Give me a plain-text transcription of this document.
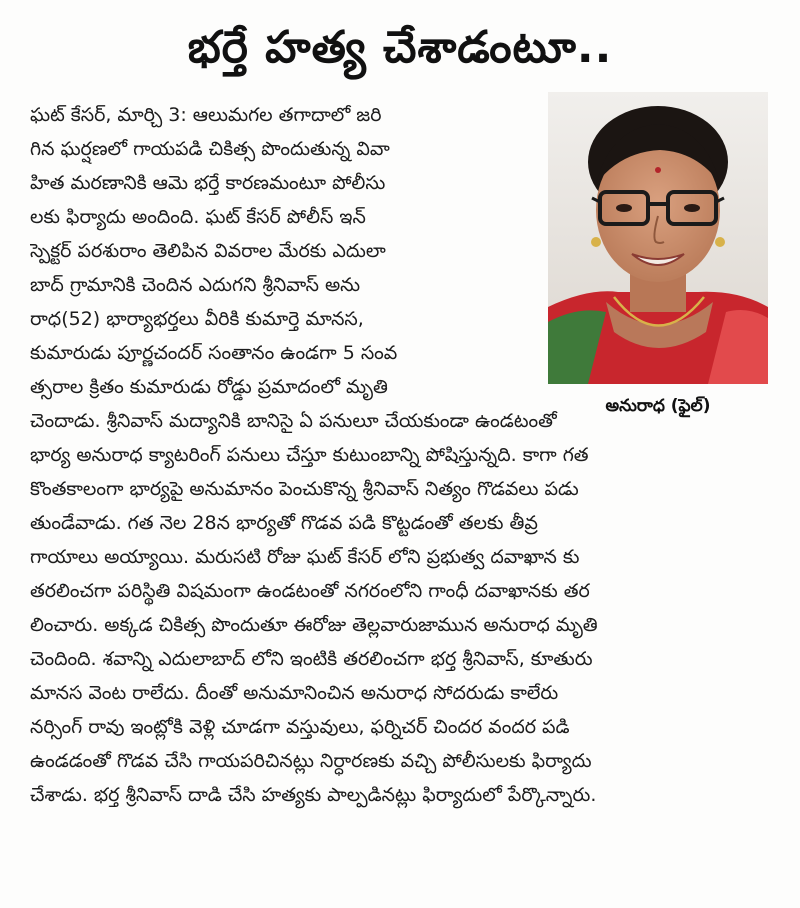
భర్తే హత్య చేశాడంటూ..
అనురాధ (ఫైల్)
ఘట్ కేసర్, మార్చి 3: ఆలుమగల తగాదాలో జరి
గిన ఘర్షణలో గాయపడి చికిత్స పొందుతున్న వివా
హిత మరణానికి ఆమె భర్తే కారణమంటూ పోలీసు
లకు ఫిర్యాదు అందింది. ఘట్ కేసర్ పోలీస్ ఇన్
స్పెక్టర్ పరశురాం తెలిపిన వివరాల మేరకు ఎదులా
బాద్ గ్రామానికి చెందిన ఎదుగని శ్రీనివాస్ అను
రాధ(52) భార్యాభర్తలు వీరికి కుమార్తె మానస,
కుమారుడు పూర్ణచందర్ సంతానం ఉండగా 5 సంవ
త్సరాల క్రితం కుమారుడు రోడ్డు ప్రమాదంలో మృతి
చెందాడు. శ్రీనివాస్ మద్యానికి బానిసై ఏ పనులూ చేయకుండా ఉండటంతో
భార్య అనురాధ క్యాటరింగ్ పనులు చేస్తూ కుటుంబాన్ని పోషిస్తున్నది. కాగా గత
కొంతకాలంగా భార్యపై అనుమానం పెంచుకొన్న శ్రీనివాస్ నిత్యం గొడవలు పడు
తుండేవాడు. గత నెల 28న భార్యతో గొడవ పడి కొట్టడంతో తలకు తీవ్ర
గాయాలు అయ్యాయి. మరుసటి రోజు ఘట్ కేసర్ లోని ప్రభుత్వ దవాఖాన కు
తరలించగా పరిస్థితి విషమంగా ఉండటంతో నగరంలోని గాంధీ దవాఖానకు తర
లించారు. అక్కడ చికిత్స పొందుతూ ఈరోజు తెల్లవారుజామున అనురాధ మృతి
చెందింది. శవాన్ని ఎదులాబాద్ లోని ఇంటికి తరలించగా భర్త శ్రీనివాస్, కూతురు
మానస వెంట రాలేదు. దీంతో అనుమానించిన అనురాధ సోదరుడు కాలేరు
నర్సింగ్ రావు ఇంట్లోకి వెళ్లి చూడగా వస్తువులు, ఫర్నిచర్ చిందర వందర పడి
ఉండడంతో గొడవ చేసి గాయపరిచినట్లు నిర్ధారణకు వచ్చి పోలీసులకు ఫిర్యాదు
చేశాడు. భర్త శ్రీనివాస్ దాడి చేసి హత్యకు పాల్పడినట్లు ఫిర్యాదులో పేర్కొన్నారు.
